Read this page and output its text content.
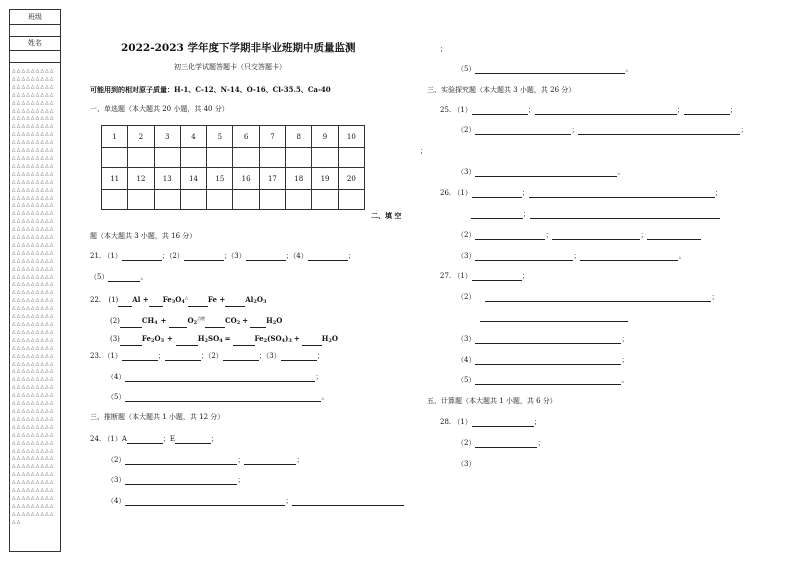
班级
姓名
△△△△△△△△△△△△△△△△△△△△△△△△△△△△△△△△△△△△△△△△△△△△△△△△△△△△△△△△△△△△△△△△△△△△△△△△△△△△△△△△△△△△△△△△△△△△△△△△△△△△△△△△△△△△△△△△△△△△△△△△△△△△△△△△△△△△△△△△△△△△△△△△△△△△△△△△△△△△△△△△△△△△△△△△△△△△△△△△△△△△△△△△△△△△△△△△△△△△△△△△△△△△△△△△△△△△△△△△△△△△△△△△△△△△△△△△△△△△△△△△△△△△△△△△△△△△△△△△△△△△△△△△△△△△△△△△△△△△△△△△△△△△△△△△△△△△△△△△△△△△△△△△△△△△△△△△△△△△△△△△△△△△△△△△△△△△△△△△△△△△△△△△△△△△△△△△△△△△△△△△△△△△△△△△△△△△△△△△△△△△△△△△△△△△△△△△△△△△△△△△△△△△△△△△△△△△△△△△△△△△△△△△△△△△△△△△△△△△△△△△△△△△△△△△△△△△△△△△△△△△△△△△△△△△△△△△△△△△△△△△△△△△△△△△△△△△△△△△△△△△△△△△△△△△△△△△△△△
2022-2023 学年度下学期非毕业班期中质量监测
初三化学试题答题卡（只交答题卡）
可能用到的相对原子质量：H-1、C-12、N-14、O-16、Cl-35.5、Ca-40
一、单选题（本大题共 20 小题，共 40 分）
1	2	3	4	5	6	7	8	9	10

11	12	13	14	15	16	17	18	19	20

二、填 空
题（本大题共 3 小题，共 16 分）
21. （1）	；（2）	；（3）	；（4）	；
（5）	。
22. (1) $Al + Fe_3O_4^\triangle$	Fe +	$Al_2O_3$
(2)	$CH_4$ +	$O_2^{点燃}$	$CO_2$ +	$H_2O$
(3)	$Fe_2O_3$ +	$H_2SO_4$ =	$Fe_2(SO_4)_3$ +	$H_2O$
23. （1）	；	；（2）	；（3）	；
（4）	；
（5）	。
三、推断题（本大题共 1 小题，共 12 分）
24. （1）A	；E	；
（2）	；	；
（3）	；
（4）	；
；
（5）	。
三、实验探究题（本大题共 3 小题，共 26 分）
25. （1）	；	；	；
（2）	；	；
；
（3）	。
26. （1）	；	；
；
（2）	；	；
（3）	；	。
27. （1）	；
（2）	；
（3）	；
（4）	；
（5）	。
五、计算题（本大题共 1 小题，共 6 分）
28. （1）	；
（2）	；
（3）
